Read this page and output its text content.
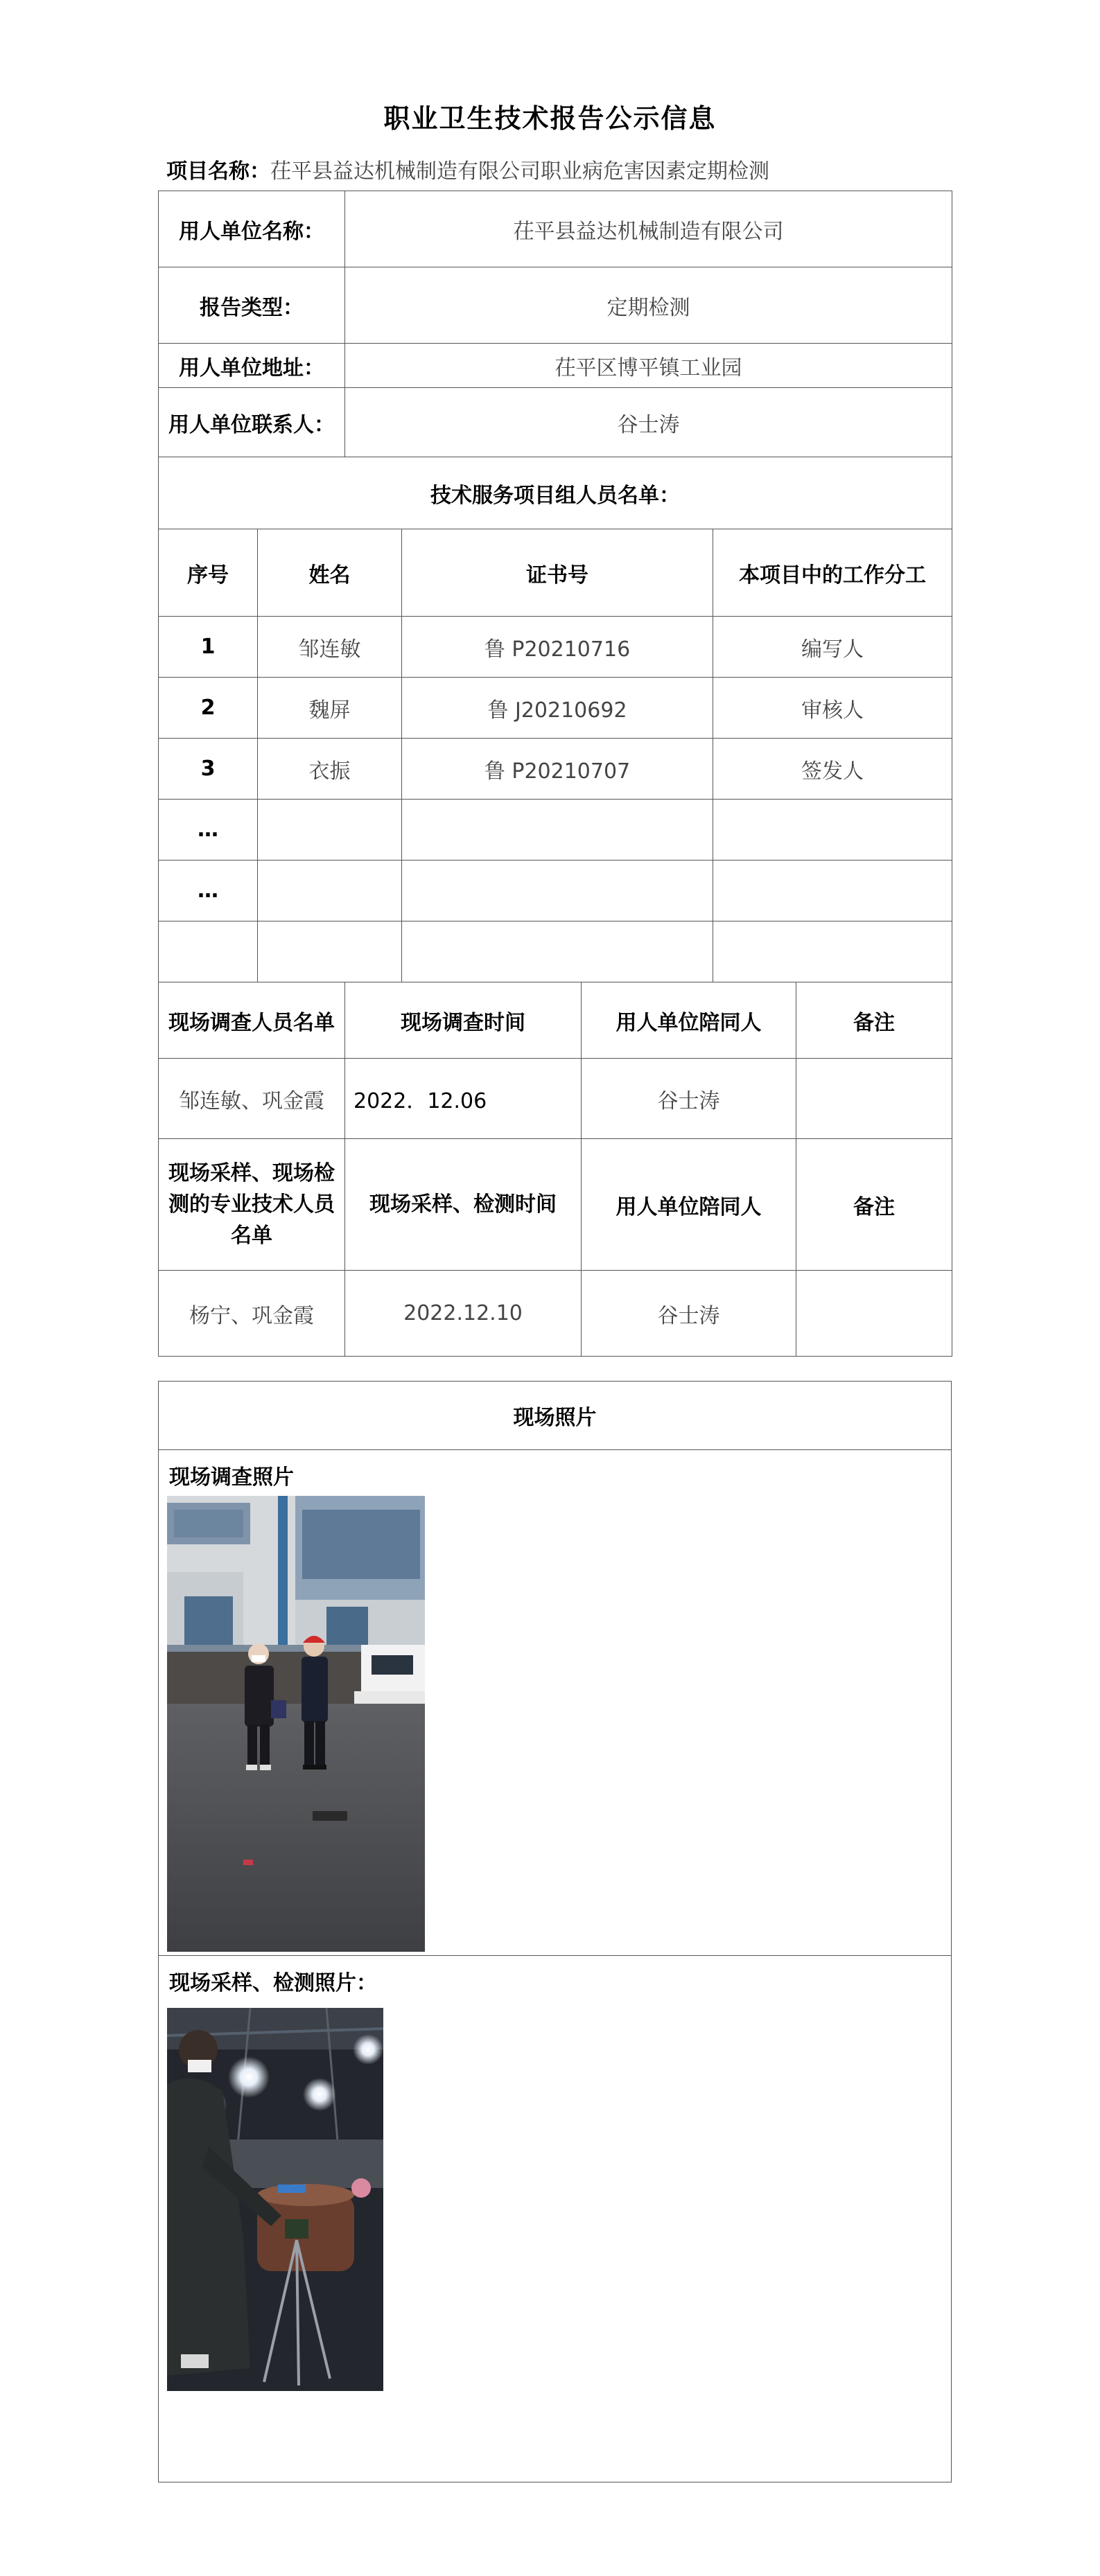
职业卫生技术报告公示信息
项目名称：茌平县益达机械制造有限公司职业病危害因素定期检测
用人单位名称：		茌平县益达机械制造有限公司				
报告类型：		定期检测				
用人单位地址：		茌平区博平镇工业园				
用人单位联系人：		谷士涛				
技术服务项目组人员名单：						
序号	姓名		证书号		本项目中的工作分工	
1	邹连敏		鲁 P20210716		编写人	
2	魏屏		鲁 J20210692		审核人	
3	衣振		鲁 P20210707		签发人	
…						
…						

现场调查人员名单		现场调查时间		用人单位陪同人		备注
邹连敏、巩金霞		2022．12.06		谷士涛		
现场采样、现场检测的专业技术人员名单		现场采样、检测时间		用人单位陪同人		备注
杨宁、巩金霞		2022.12.10		谷士涛		
现场照片

现场调查照片

现场采样、检测照片：
